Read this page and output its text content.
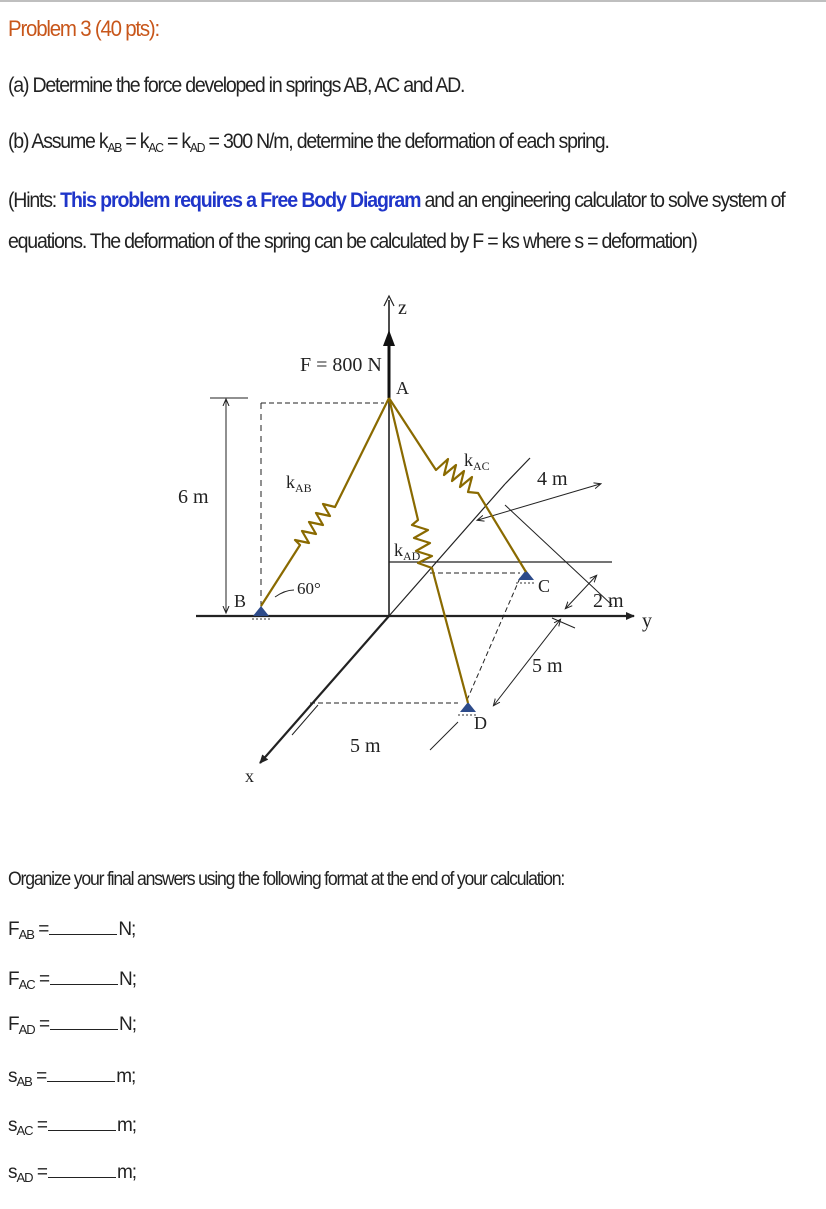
Problem 3 (40 pts):
(a) Determine the force developed in springs AB, AC and AD.
(b) Assume $k_{AB} = k_{AC} = k_{AD} = 300$ N/m, determine the deformation of each spring.
(Hints: This problem requires a Free Body Diagram and an engineering calculator to solve system of
equations. The deformation of the spring can be calculated by F = ks where s = deformation)
z
y
x
F = 800 N
A
B
C
D
6 m
4 m
2 m
5 m
5 m
60°
$k_{AB}$
$k_{AC}$
$k_{AD}$
Organize your final answers using the following format at the end of your calculation:
$F_{AB}$ =	N;
$F_{AC}$ =	N;
$F_{AD}$ =	N;
$s_{AB}$ =	m;
$s_{AC}$ =	m;
$s_{AD}$ =	m;
